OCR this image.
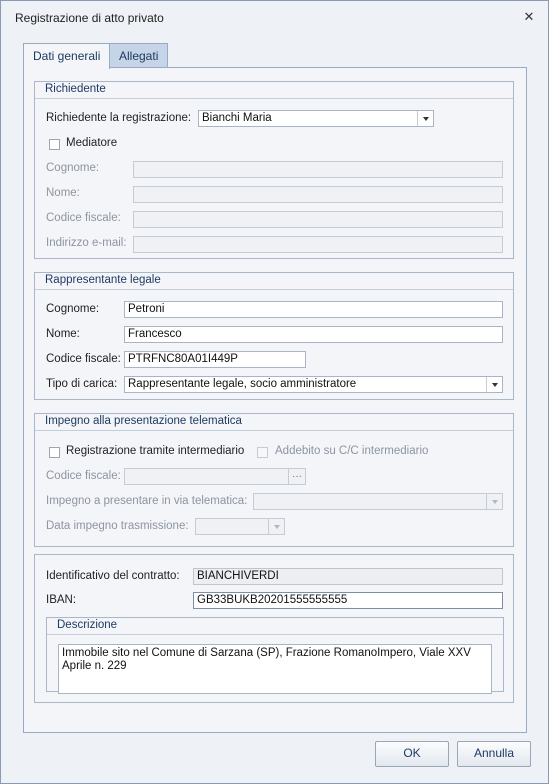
Registrazione di atto privato	✕
Dati generali	Allegati
Richiedente
Richiedente la registrazione: Bianchi Maria
Mediatore
Cognome:
Nome:
Codice fiscale:
Indirizzo e-mail:
Rappresentante legale
Cognome:	Petroni
Nome:	Francesco
Codice fiscale: PTRFNC80A01I449P
Tipo di carica: Rappresentante legale, socio amministratore
Impegno alla presentazione telematica
Registrazione tramite intermediario	Addebito su C/C intermediario
Codice fiscale:	···
Impegno a presentare in via telematica:
Data impegno trasmissione:
Identificativo del contratto:	BIANCHIVERDI
IBAN:	GB33BUKB20201555555555
Descrizione
Immobile sito nel Comune di Sarzana (SP), Frazione RomanoImpero, Viale XXV Aprile n. 229
OK	Annulla
